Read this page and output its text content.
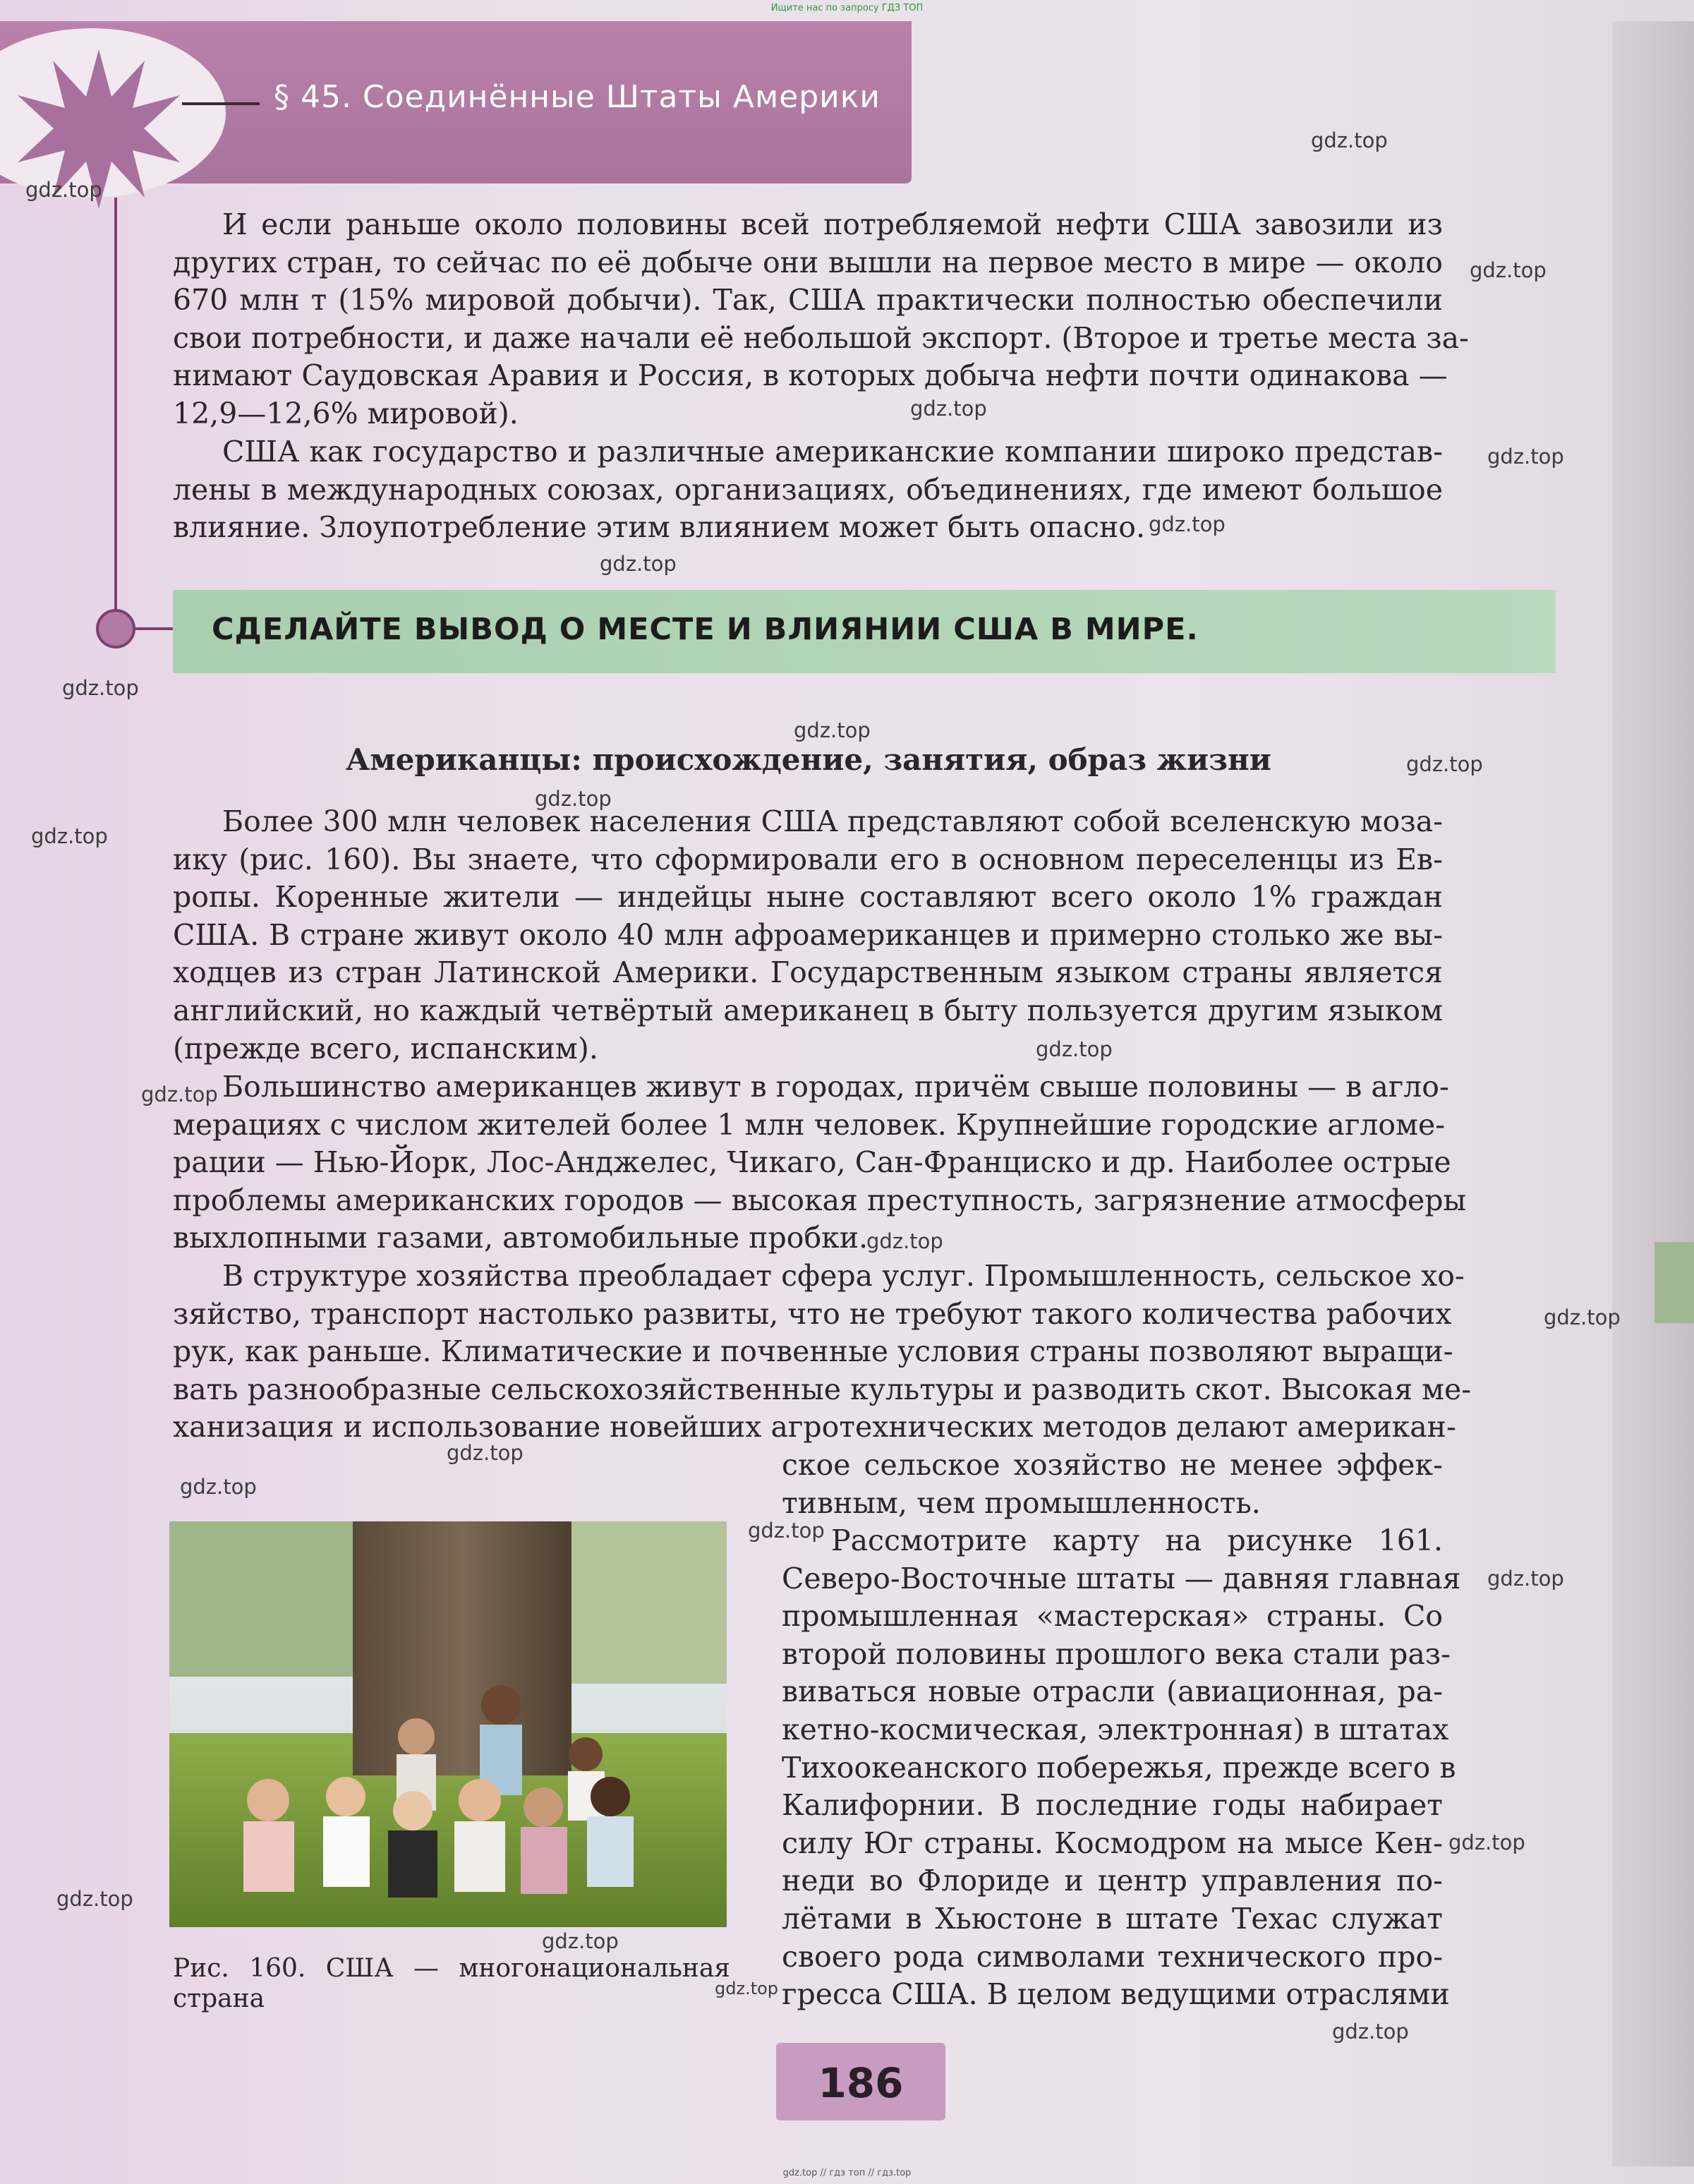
Ищите нас по запросу ГДЗ ТОП
§ 45. Соединённые Штаты Америки
И если раньше около половины всей потребляемой нефти США завозили из
других стран, то сейчас по её добыче они вышли на первое место в мире — около
670 млн т (15% мировой добычи). Так, США практически полностью обеспечили
свои потребности, и даже начали её небольшой экспорт. (Второе и третье места за-
нимают Саудовская Аравия и Россия, в которых добыча нефти почти одинакова —
12,9—12,6% мировой).
США как государство и различные американские компании широко представ-
лены в международных союзах, организациях, объединениях, где имеют большое
влияние. Злоупотребление этим влиянием может быть опасно.
СДЕЛАЙТЕ ВЫВОД О МЕСТЕ И ВЛИЯНИИ США В МИРЕ.
Американцы: происхождение, занятия, образ жизни
Более 300 млн человек населения США представляют собой вселенскую моза-
ику (рис. 160). Вы знаете, что сформировали его в основном переселенцы из Ев-
ропы. Коренные жители — индейцы ныне составляют всего около 1% граждан
США. В стране живут около 40 млн афроамериканцев и примерно столько же вы-
ходцев из стран Латинской Америки. Государственным языком страны является
английский, но каждый четвёртый американец в быту пользуется другим языком
(прежде всего, испанским).
Большинство американцев живут в городах, причём свыше половины — в агло-
мерациях с числом жителей более 1 млн человек. Крупнейшие городские агломе-
рации — Нью-Йорк, Лос-Анджелес, Чикаго, Сан-Франциско и др. Наиболее острые
проблемы американских городов — высокая преступность, загрязнение атмосферы
выхлопными газами, автомобильные пробки.
В структуре хозяйства преобладает сфера услуг. Промышленность, сельское хо-
зяйство, транспорт настолько развиты, что не требуют такого количества рабочих
рук, как раньше. Климатические и почвенные условия страны позволяют выращи-
вать разнообразные сельскохозяйственные культуры и разводить скот. Высокая ме-
ханизация и использование новейших агротехнических методов делают американ-
ское сельское хозяйство не менее эффек-
тивным, чем промышленность.
Рассмотрите карту на рисунке 161.
Северо-Восточные штаты — давняя главная
промышленная «мастерская» страны. Со
второй половины прошлого века стали раз-
виваться новые отрасли (авиационная, ра-
кетно-космическая, электронная) в штатах
Тихоокеанского побережья, прежде всего в
Калифорнии. В последние годы набирает
силу Юг страны. Космодром на мысе Кен-
неди во Флориде и центр управления по-
лётами в Хьюстоне в штате Техас служат
своего рода символами технического про-
гресса США. В целом ведущими отраслями
Рис. 160. США — многонациональная
страна
186
gdz.top // гдз топ // гдз.top
gdz.top
gdz.top
gdz.top
gdz.top
gdz.top
gdz.top
gdz.top
gdz.top
gdz.top
gdz.top
gdz.top
gdz.top
gdz.top
gdz.top
gdz.top
gdz.top
gdz.top
gdz.top
gdz.top
gdz.top
gdz.top
gdz.top
gdz.top
gdz.top
gdz.top
